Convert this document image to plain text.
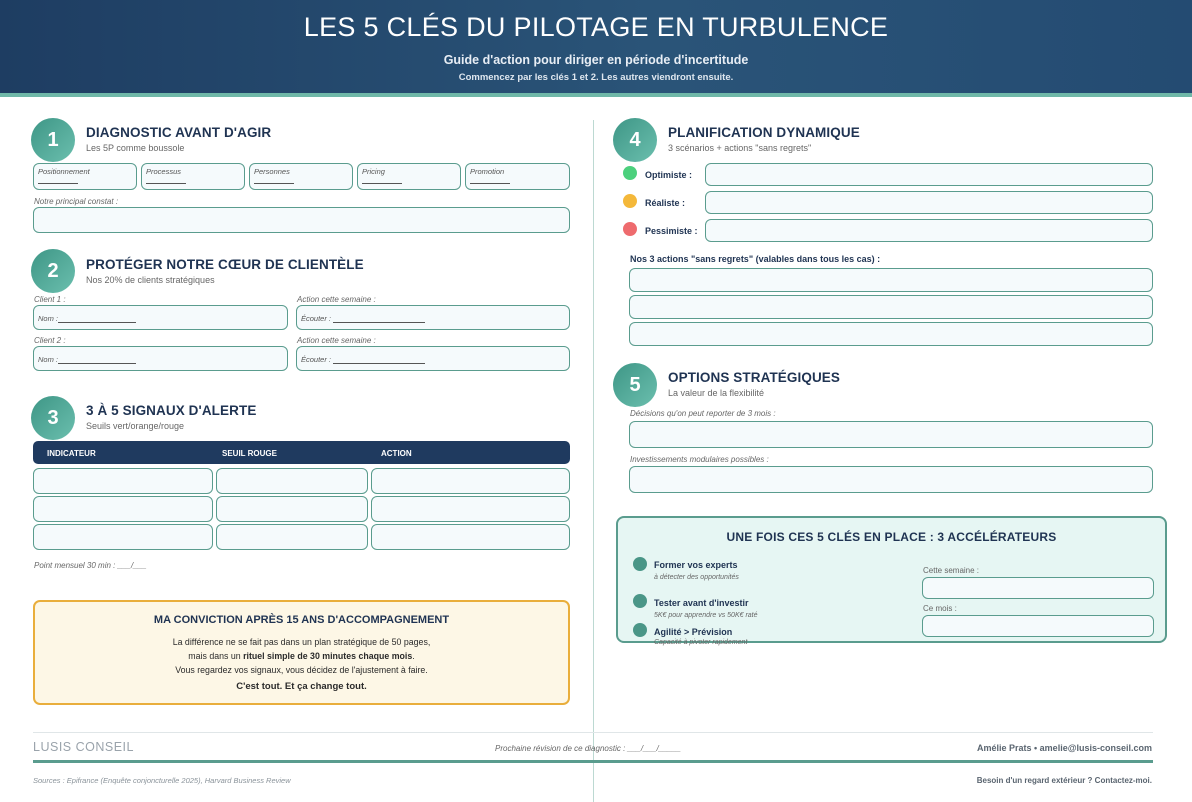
LES 5 CLÉS DU PILOTAGE EN TURBULENCE
Guide d'action pour diriger en période d'incertitude
Commencez par les clés 1 et 2. Les autres viendront ensuite.
1	DIAGNOSTIC AVANT D'AGIR
Les 5P comme boussole
Positionnement	Processus	Personnes	Pricing	Promotion
Notre principal constat :
2	PROTÉGER NOTRE CŒUR DE CLIENTÈLE
Nos 20% de clients stratégiques
Client 1 :
Nom :
Action cette semaine :
Écouter :
Client 2 :
Nom :
Action cette semaine :
Écouter :
3	3 À 5 SIGNAUX D'ALERTE
Seuils vert/orange/rouge
INDICATEUR	SEUIL ROUGE	ACTION
Point mensuel 30 min : ___/___
MA CONVICTION APRÈS 15 ANS D'ACCOMPAGNEMENT
La différence ne se fait pas dans un plan stratégique de 50 pages,
mais dans un rituel simple de 30 minutes chaque mois.
Vous regardez vos signaux, vous décidez de l'ajustement à faire.
C'est tout. Et ça change tout.
4	PLANIFICATION DYNAMIQUE
3 scénarios + actions "sans regrets"
Optimiste :
Réaliste :
Pessimiste :
Nos 3 actions "sans regrets" (valables dans tous les cas) :
5	OPTIONS STRATÉGIQUES
La valeur de la flexibilité
Décisions qu'on peut reporter de 3 mois :
Investissements modulaires possibles :
UNE FOIS CES 5 CLÉS EN PLACE : 3 ACCÉLÉRATEURS
Former vos experts
à détecter des opportunités
Tester avant d'investir
5K€ pour apprendre vs 50K€ raté
Agilité > Prévision
Capacité à pivoter rapidement
Cette semaine :
Ce mois :
LUSIS CONSEIL	Prochaine révision de ce diagnostic : ___/___/_____	Amélie Prats • amelie@lusis-conseil.com
Sources : Epifrance (Enquête conjoncturelle 2025), Harvard Business Review	Besoin d'un regard extérieur ? Contactez-moi.
